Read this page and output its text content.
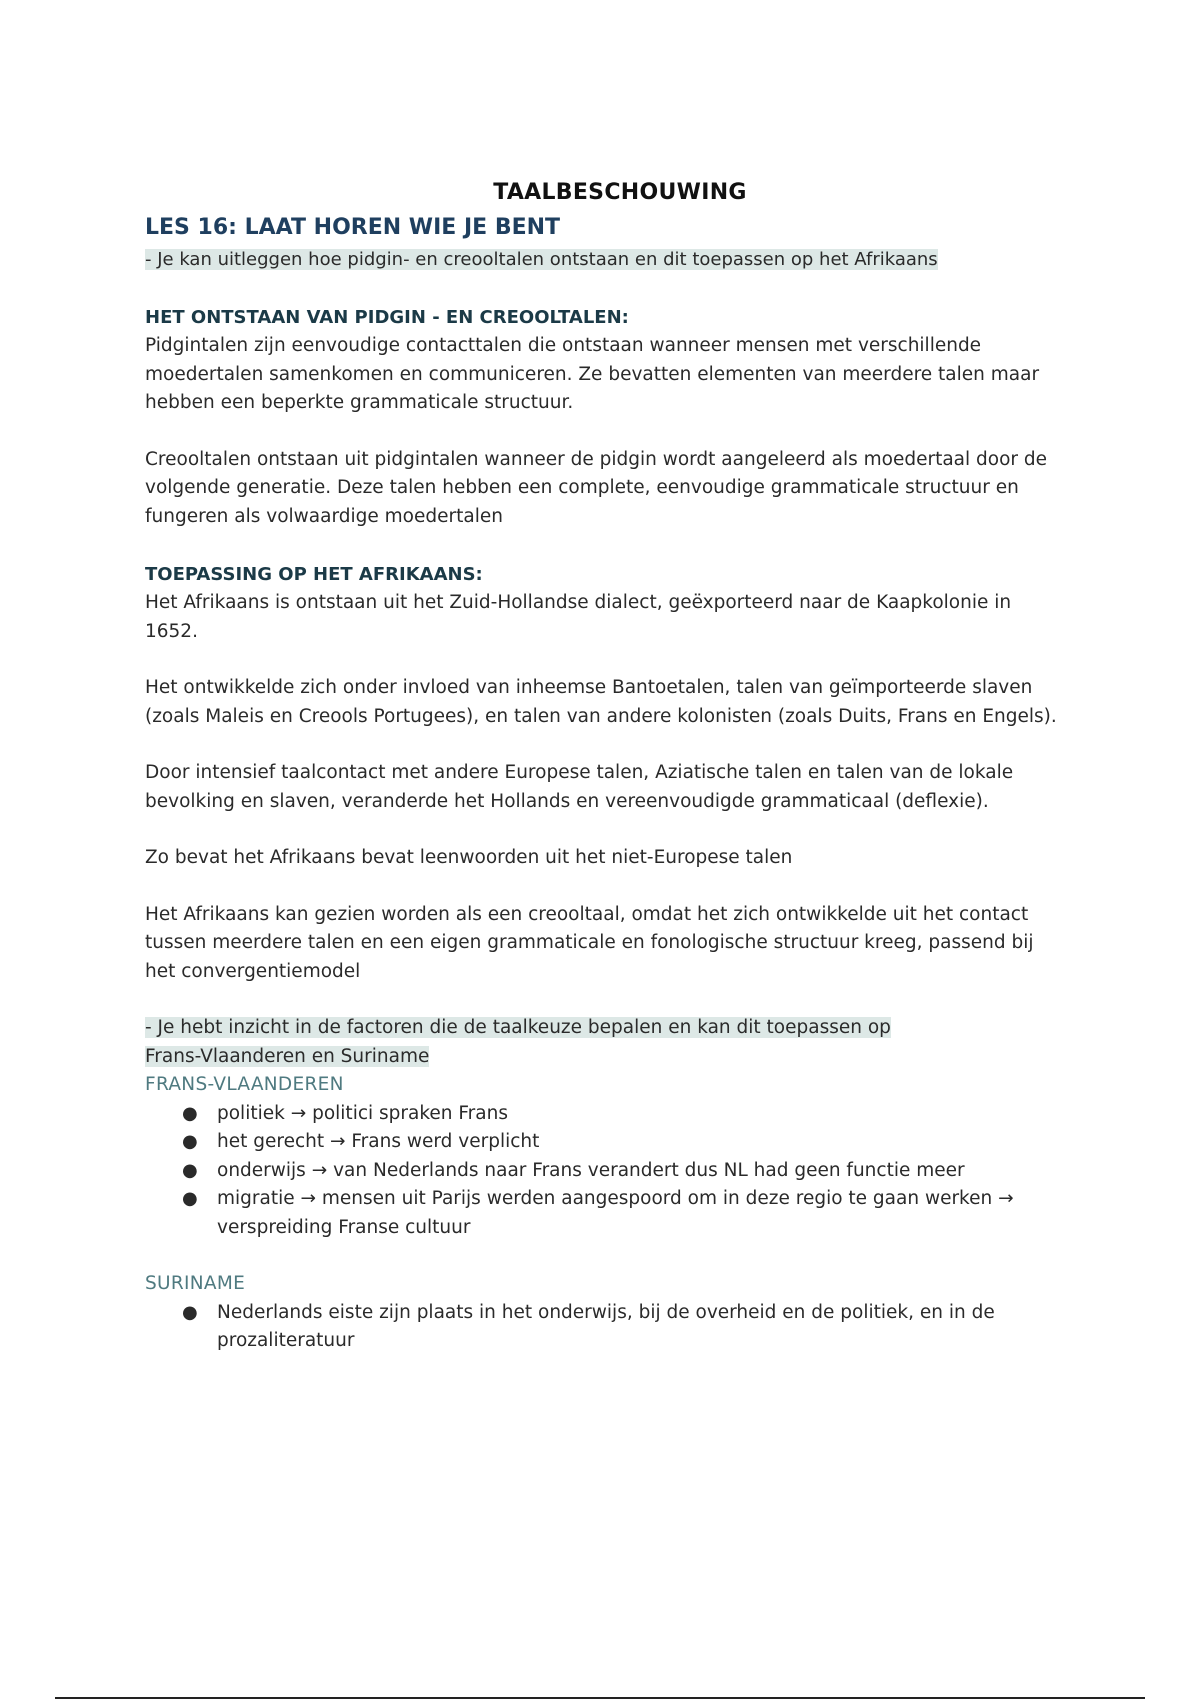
TAALBESCHOUWING
LES 16: LAAT HOREN WIE JE BENT

- Je kan uitleggen hoe pidgin- en creooltalen ontstaan en dit toepassen op het Afrikaans

HET ONTSTAAN VAN PIDGIN - EN CREOOLTALEN:

Pidgintalen zijn eenvoudige contacttalen die ontstaan wanneer mensen met verschillende moedertalen samenkomen en communiceren. Ze bevatten elementen van meerdere talen maar hebben een beperkte grammaticale structuur.

Creooltalen ontstaan uit pidgintalen wanneer de pidgin wordt aangeleerd als moedertaal door de volgende generatie. Deze talen hebben een complete, eenvoudige grammaticale structuur en fungeren als volwaardige moedertalen

TOEPASSING OP HET AFRIKAANS:

Het Afrikaans is ontstaan uit het Zuid-Hollandse dialect, geëxporteerd naar de Kaapkolonie in 1652.

Het ontwikkelde zich onder invloed van inheemse Bantoetalen, talen van geïmporteerde slaven (zoals Maleis en Creools Portugees), en talen van andere kolonisten (zoals Duits, Frans en Engels).

Door intensief taalcontact met andere Europese talen, Aziatische talen en talen van de lokale bevolking en slaven, veranderde het Hollands en vereenvoudigde grammaticaal (deflexie).

Zo bevat het Afrikaans bevat leenwoorden uit het niet-Europese talen

Het Afrikaans kan gezien worden als een creooltaal, omdat het zich ontwikkelde uit het contact tussen meerdere talen en een eigen grammaticale en fonologische structuur kreeg, passend bij het convergentiemodel

- Je hebt inzicht in de factoren die de taalkeuze bepalen en kan dit toepassen op
Frans-Vlaanderen en Suriname

FRANS-VLAANDEREN
● politiek → politici spraken Frans
● het gerecht → Frans werd verplicht
● onderwijs → van Nederlands naar Frans verandert dus NL had geen functie meer
● migratie → mensen uit Parijs werden aangespoord om in deze regio te gaan werken → verspreiding Franse cultuur
SURINAME
● Nederlands eiste zijn plaats in het onderwijs, bij de overheid en de politiek, en in de prozaliteratuur
